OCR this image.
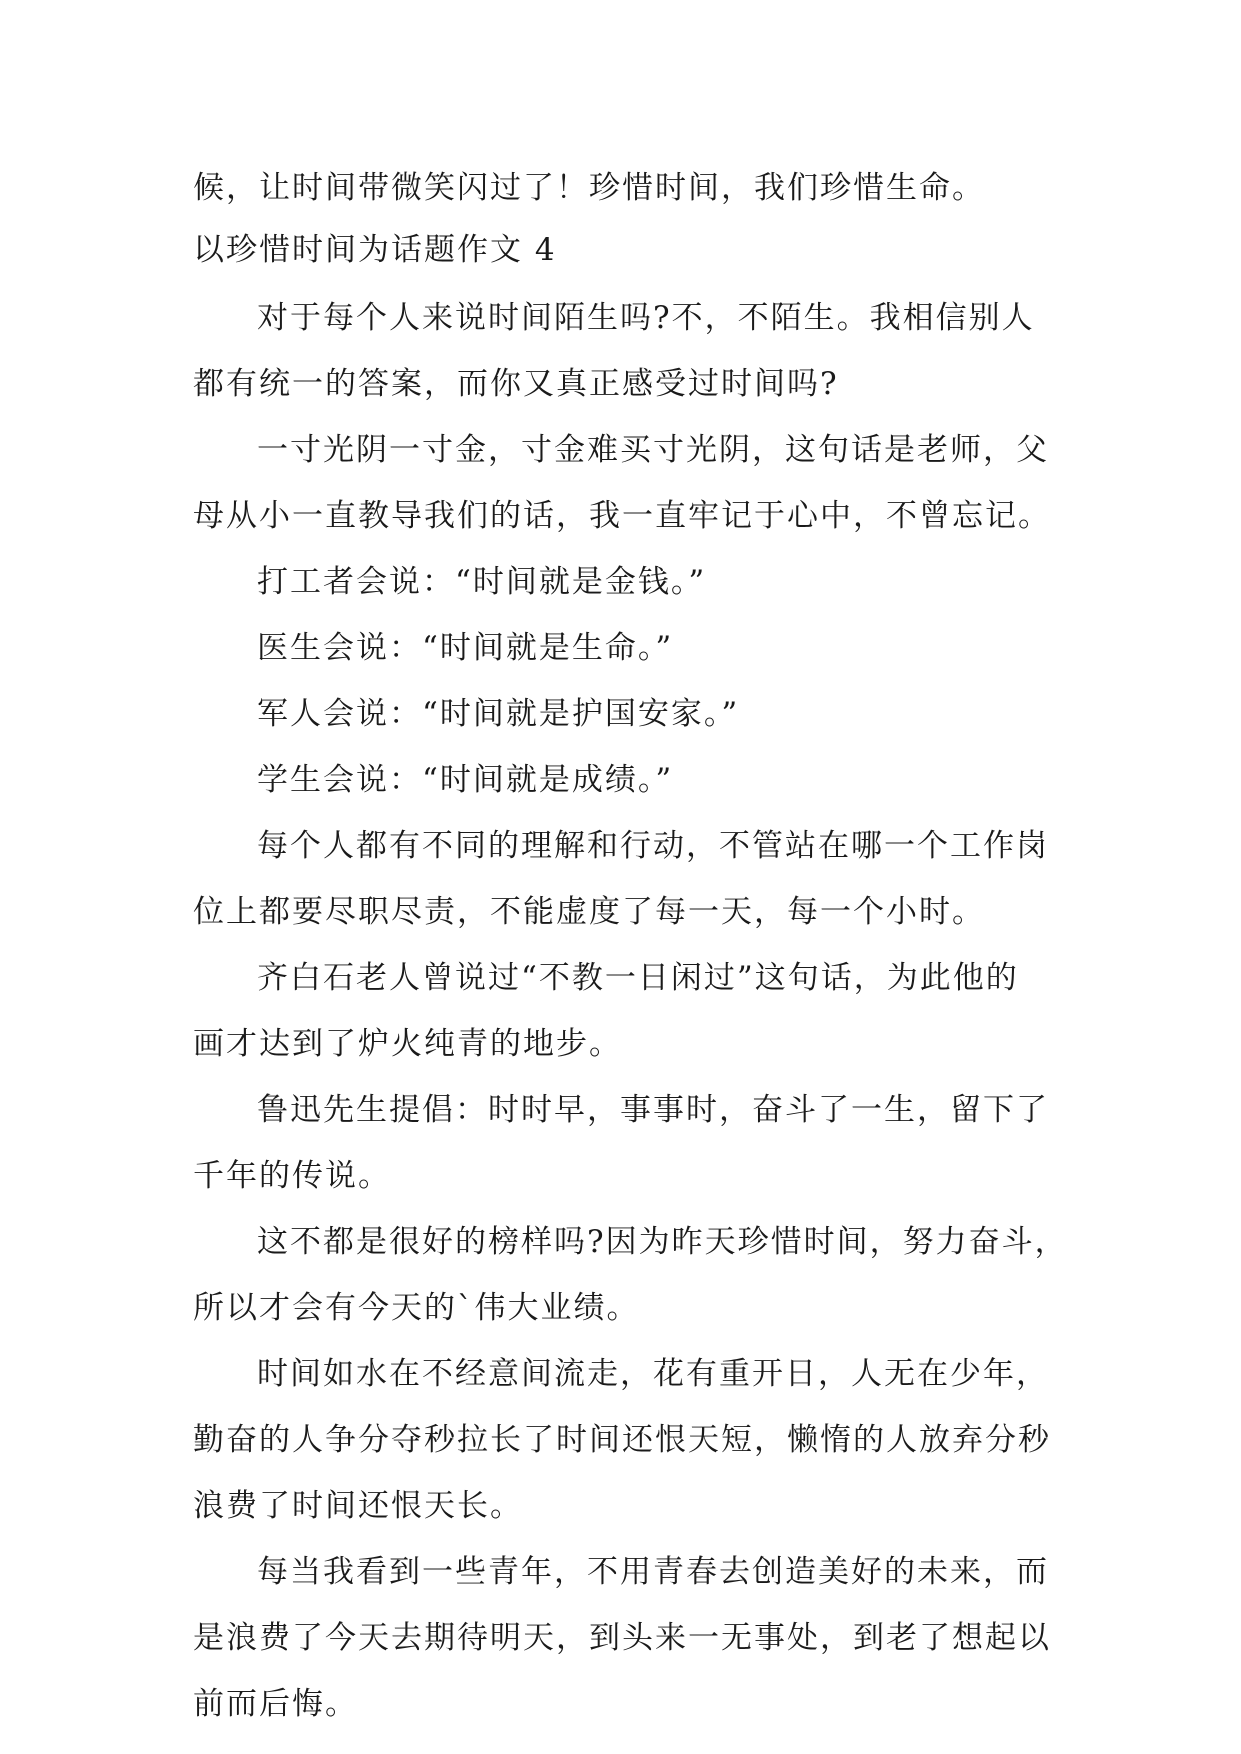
候，让时间带微笑闪过了！珍惜时间，我们珍惜生命。
以珍惜时间为话题作文 4
对于每个人来说时间陌生吗?不，不陌生。我相信别人
都有统一的答案，而你又真正感受过时间吗?
一寸光阴一寸金，寸金难买寸光阴，这句话是老师，父
母从小一直教导我们的话，我一直牢记于心中，不曾忘记。
打工者会说：“时间就是金钱。”
医生会说：“时间就是生命。”
军人会说：“时间就是护国安家。”
学生会说：“时间就是成绩。”
每个人都有不同的理解和行动，不管站在哪一个工作岗
位上都要尽职尽责，不能虚度了每一天，每一个小时。
齐白石老人曾说过“不教一日闲过”这句话，为此他的
画才达到了炉火纯青的地步。
鲁迅先生提倡：时时早，事事时，奋斗了一生，留下了
千年的传说。
这不都是很好的榜样吗?因为昨天珍惜时间，努力奋斗，
所以才会有今天的`伟大业绩。
时间如水在不经意间流走，花有重开日，人无在少年，
勤奋的人争分夺秒拉长了时间还恨天短，懒惰的人放弃分秒
浪费了时间还恨天长。
每当我看到一些青年，不用青春去创造美好的未来，而
是浪费了今天去期待明天，到头来一无事处，到老了想起以
前而后悔。
